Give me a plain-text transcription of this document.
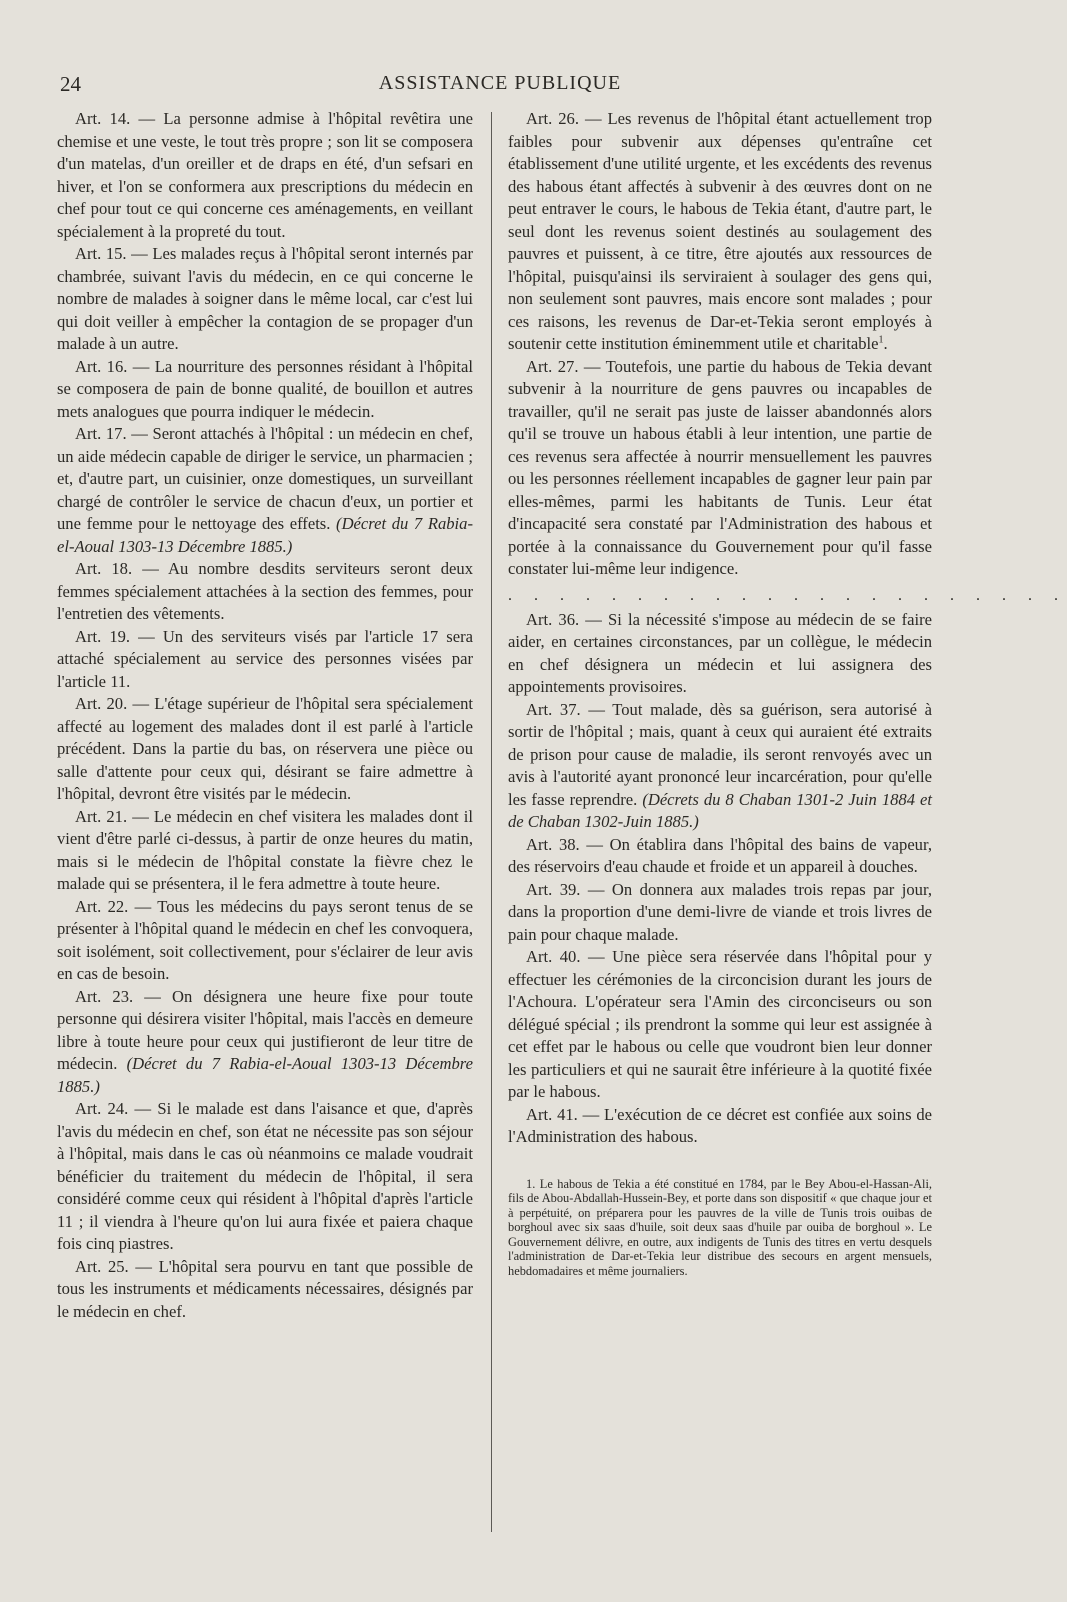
24	ASSISTANCE PUBLIQUE

Art. 14. — La personne admise à l'hôpital revêtira une chemise et une veste, le tout très propre ; son lit se composera d'un matelas, d'un oreiller et de draps en été, d'un sefsari en hiver, et l'on se conformera aux prescriptions du médecin en chef pour tout ce qui concerne ces aménagements, en veillant spécialement à la propreté du tout.

Art. 15. — Les malades reçus à l'hôpital seront internés par chambrée, suivant l'avis du médecin, en ce qui concerne le nombre de malades à soigner dans le même local, car c'est lui qui doit veiller à empêcher la contagion de se propager d'un malade à un autre.

Art. 16. — La nourriture des personnes résidant à l'hôpital se composera de pain de bonne qualité, de bouillon et autres mets analogues que pourra indiquer le médecin.

Art. 17. — Seront attachés à l'hôpital : un médecin en chef, un aide médecin capable de diriger le service, un pharmacien ; et, d'autre part, un cuisinier, onze domestiques, un surveillant chargé de contrôler le service de chacun d'eux, un portier et une femme pour le nettoyage des effets. (Décret du 7 Rabia-el-Aoual 1303-13 Décembre 1885.)

Art. 18. — Au nombre desdits serviteurs seront deux femmes spécialement attachées à la section des femmes, pour l'entretien des vêtements.

Art. 19. — Un des serviteurs visés par l'article 17 sera attaché spécialement au service des personnes visées par l'article 11.

Art. 20. — L'étage supérieur de l'hôpital sera spécialement affecté au logement des malades dont il est parlé à l'article précédent. Dans la partie du bas, on réservera une pièce ou salle d'attente pour ceux qui, désirant se faire admettre à l'hôpital, devront être visités par le médecin.

Art. 21. — Le médecin en chef visitera les malades dont il vient d'être parlé ci-dessus, à partir de onze heures du matin, mais si le médecin de l'hôpital constate la fièvre chez le malade qui se présentera, il le fera admettre à toute heure.

Art. 22. — Tous les médecins du pays seront tenus de se présenter à l'hôpital quand le médecin en chef les convoquera, soit isolément, soit collectivement, pour s'éclairer de leur avis en cas de besoin.

Art. 23. — On désignera une heure fixe pour toute personne qui désirera visiter l'hôpital, mais l'accès en demeure libre à toute heure pour ceux qui justifieront de leur titre de médecin. (Décret du 7 Rabia-el-Aoual 1303-13 Décembre 1885.)

Art. 24. — Si le malade est dans l'aisance et que, d'après l'avis du médecin en chef, son état ne nécessite pas son séjour à l'hôpital, mais dans le cas où néanmoins ce malade voudrait bénéficier du traitement du médecin de l'hôpital, il sera considéré comme ceux qui résident à l'hôpital d'après l'article 11 ; il viendra à l'heure qu'on lui aura fixée et paiera chaque fois cinq piastres.

Art. 25. — L'hôpital sera pourvu en tant que possible de tous les instruments et médicaments nécessaires, désignés par le médecin en chef.

Art. 26. — Les revenus de l'hôpital étant actuellement trop faibles pour subvenir aux dépenses qu'entraîne cet établissement d'une utilité urgente, et les excédents des revenus des habous étant affectés à subvenir à des œuvres dont on ne peut entraver le cours, le habous de Tekia étant, d'autre part, le seul dont les revenus soient destinés au soulagement des pauvres et puissent, à ce titre, être ajoutés aux ressources de l'hôpital, puisqu'ainsi ils serviraient à soulager des gens qui, non seulement sont pauvres, mais encore sont malades ; pour ces raisons, les revenus de Dar-et-Tekia seront employés à soutenir cette institution éminemment utile et charitable$^1$.

Art. 27. — Toutefois, une partie du habous de Tekia devant subvenir à la nourriture de gens pauvres ou incapables de travailler, qu'il ne serait pas juste de laisser abandonnés alors qu'il se trouve un habous établi à leur intention, une partie de ces revenus sera affectée à nourrir mensuellement les pauvres ou les personnes réellement incapables de gagner leur pain par elles-mêmes, parmi les habitants de Tunis. Leur état d'incapacité sera constaté par l'Administration des habous et portée à la connaissance du Gouvernement pour qu'il fasse constater lui-même leur indigence.

. . . . . . . . . . . . . . . . . . . . . .

Art. 36. — Si la nécessité s'impose au médecin de se faire aider, en certaines circonstances, par un collègue, le médecin en chef désignera un médecin et lui assignera des appointements provisoires.

Art. 37. — Tout malade, dès sa guérison, sera autorisé à sortir de l'hôpital ; mais, quant à ceux qui auraient été extraits de prison pour cause de maladie, ils seront renvoyés avec un avis à l'autorité ayant prononcé leur incarcération, pour qu'elle les fasse reprendre. (Décrets du 8 Chaban 1301-2 Juin 1884 et de Chaban 1302-Juin 1885.)

Art. 38. — On établira dans l'hôpital des bains de vapeur, des réservoirs d'eau chaude et froide et un appareil à douches.

Art. 39. — On donnera aux malades trois repas par jour, dans la proportion d'une demi-livre de viande et trois livres de pain pour chaque malade.

Art. 40. — Une pièce sera réservée dans l'hôpital pour y effectuer les cérémonies de la circoncision durant les jours de l'Achoura. L'opérateur sera l'Amin des circonciseurs ou son délégué spécial ; ils prendront la somme qui leur est assignée à cet effet par le habous ou celle que voudront bien leur donner les particuliers et qui ne saurait être inférieure à la quotité fixée par le habous.

Art. 41. — L'exécution de ce décret est confiée aux soins de l'Administration des habous.

1. Le habous de Tekia a été constitué en 1784, par le Bey Abou-el-Hassan-Ali, fils de Abou-Abdallah-Hussein-Bey, et porte dans son dispositif « que chaque jour et à perpétuité, on préparera pour les pauvres de la ville de Tunis trois ouibas de borghoul avec six saas d'huile, soit deux saas d'huile par ouiba de borghoul ». Le Gouvernement délivre, en outre, aux indigents de Tunis des titres en vertu desquels l'administration de Dar-et-Tekia leur distribue des secours en argent mensuels, hebdomadaires et même journaliers.
